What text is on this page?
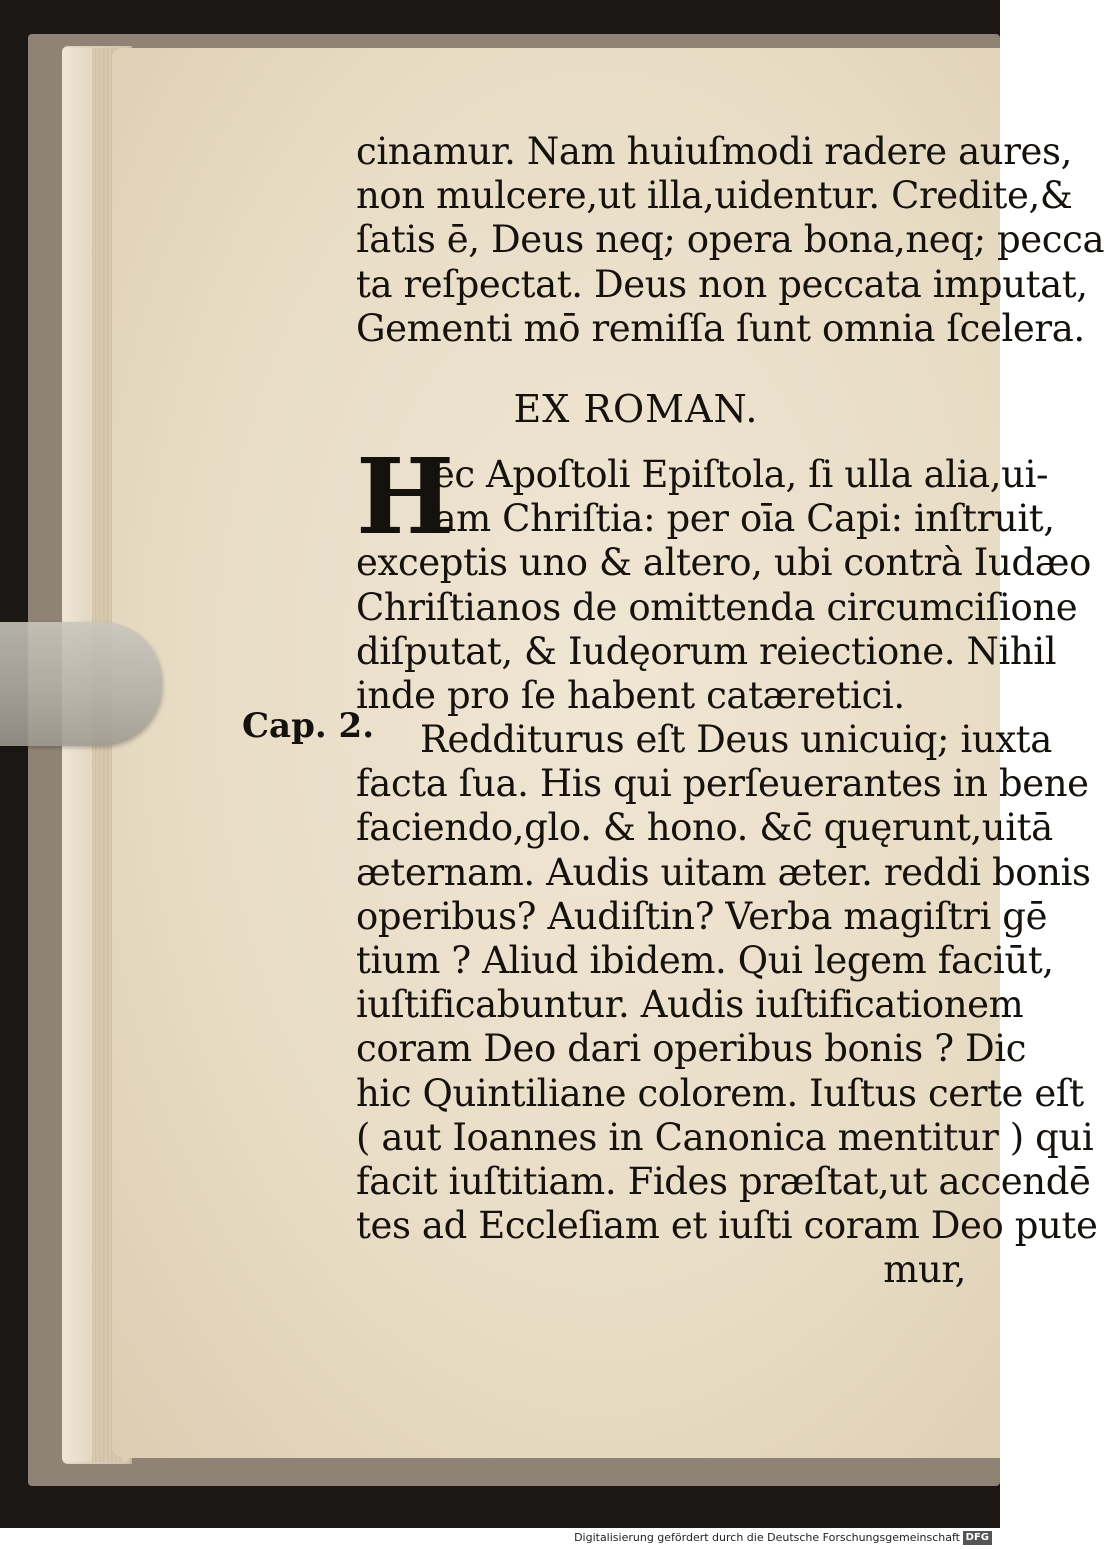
Cap. 2.
cinamur. Nam huiuſmodi radere aures,
non mulcere,ut illa,uidentur. Credite,&
ſatis ē, Deus neq; opera bona,neq; pecca
ta reſpectat. Deus non peccata imputat,
Gementi mō remiſſa ſunt omnia ſcelera.
EX ROMAN.
H
æc Apoſtoli Epiſtola, ſi ulla alia,ui-
tam Chriſtia: per oīa Capi: inſtruit,
exceptis uno & altero, ubi contrà Iudæo
Chriſtianos de omittenda circumciſione
diſputat, & Iudęorum reiectione. Nihil
inde pro ſe habent catæretici.
Redditurus eſt Deus unicuiq; iuxta
facta ſua. His qui perſeuerantes in bene
faciendo,glo. & hono. &c̄ quęrunt,uitā
æternam. Audis uitam æter. reddi bonis
operibus? Audiſtin? Verba magiſtri gē
tium ? Aliud ibidem. Qui legem faciūt,
iuſtificabuntur. Audis iuſtificationem
coram Deo dari operibus bonis ? Dic
hic Quintiliane colorem. Iuſtus certe eſt
( aut Ioannes in Canonica mentitur ) qui
facit iuſtitiam. Fides præſtat,ut accendē
tes ad Eccleſiam et iuſti coram Deo pute
mur,
Digitalisierung gefördert durch die Deutsche Forschungsgemeinschaft DFG
